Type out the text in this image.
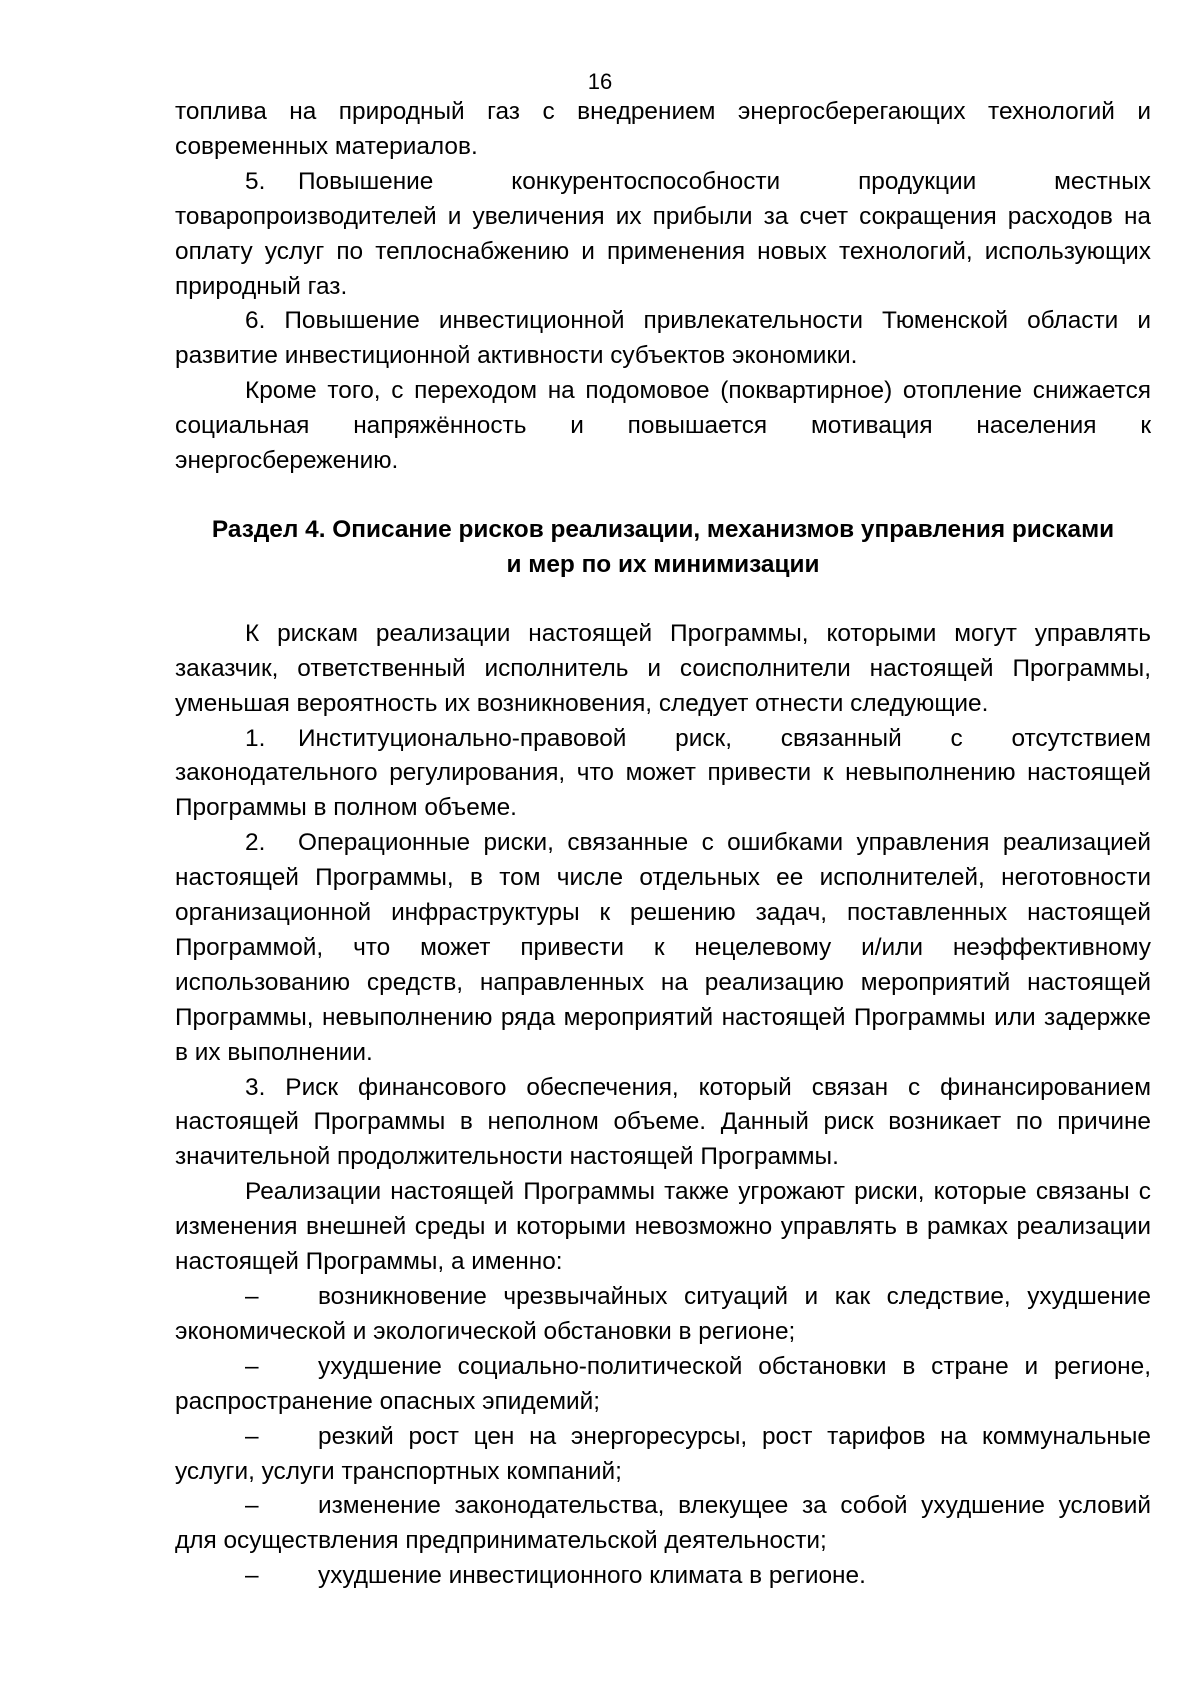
16

топлива на природный газ с внедрением энергосберегающих технологий и современных материалов.

5. Повышение конкурентоспособности продукции местных товаропроизводителей и увеличения их прибыли за счет сокращения расходов на оплату услуг по теплоснабжению и применения новых технологий, использующих природный газ.

6. Повышение инвестиционной привлекательности Тюменской области и развитие инвестиционной активности субъектов экономики.

Кроме того, с переходом на подомовое (поквартирное) отопление снижается социальная напряжённость и повышается мотивация населения к энергосбережению.

Раздел 4. Описание рисков реализации, механизмов управления рисками
и мер по их минимизации

К рискам реализации настоящей Программы, которыми могут управлять заказчик, ответственный исполнитель и соисполнители настоящей Программы, уменьшая вероятность их возникновения, следует отнести следующие.

1. Институционально-правовой риск, связанный с отсутствием законодательного регулирования, что может привести к невыполнению настоящей Программы в полном объеме.

2. Операционные риски, связанные с ошибками управления реализацией настоящей Программы, в том числе отдельных ее исполнителей, неготовности организационной инфраструктуры к решению задач, поставленных настоящей Программой, что может привести к нецелевому и/или неэффективному использованию средств, направленных на реализацию мероприятий настоящей Программы, невыполнению ряда мероприятий настоящей Программы или задержке в их выполнении.

3. Риск финансового обеспечения, который связан с финансированием настоящей Программы в неполном объеме. Данный риск возникает по причине значительной продолжительности настоящей Программы.

Реализации настоящей Программы также угрожают риски, которые связаны с изменения внешней среды и которыми невозможно управлять в рамках реализации настоящей Программы, а именно:

– возникновение чрезвычайных ситуаций и как следствие, ухудшение экономической и экологической обстановки в регионе;

– ухудшение социально-политической обстановки в стране и регионе, распространение опасных эпидемий;

– резкий рост цен на энергоресурсы, рост тарифов на коммунальные услуги, услуги транспортных компаний;

– изменение законодательства, влекущее за собой ухудшение условий для осуществления предпринимательской деятельности;

– ухудшение инвестиционного климата в регионе.
